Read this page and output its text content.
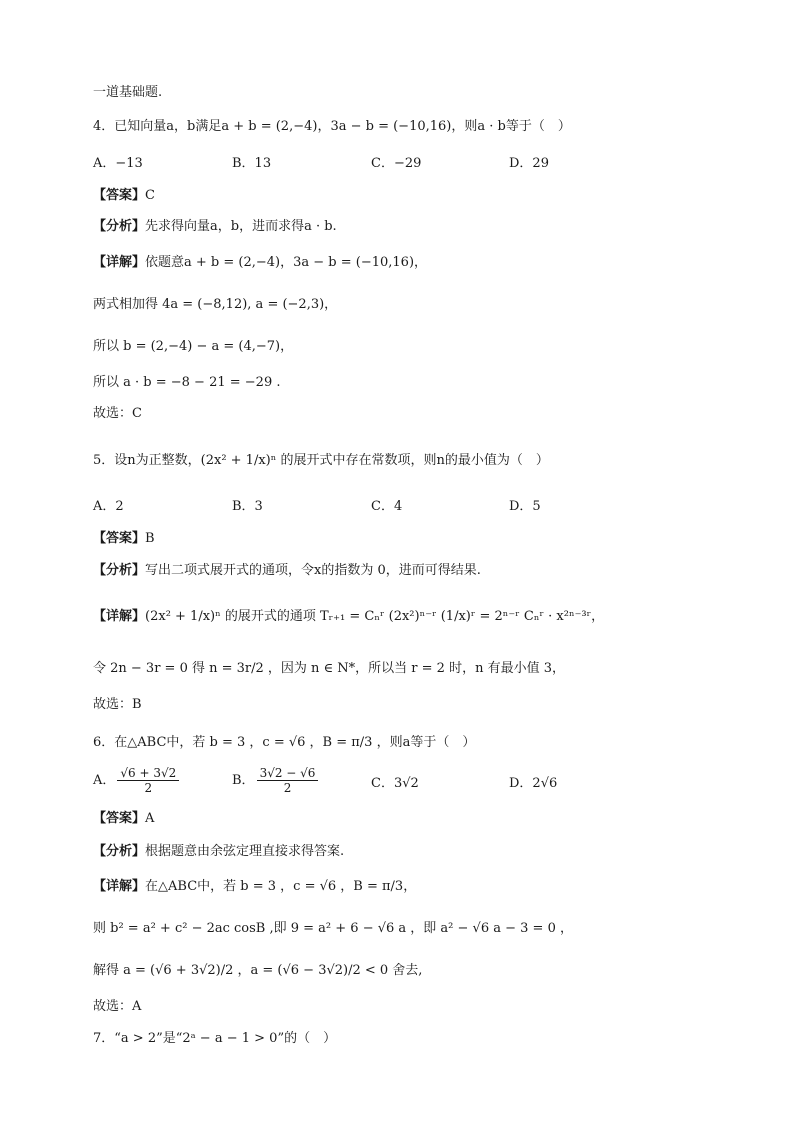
一道基础题.
4．已知向量a，b满足a + b = (2,−4)，3a − b = (−10,16)，则a · b等于（　）
A．−13	B．13	C．−29	D．29
【答案】C
【分析】先求得向量a，b，进而求得a · b.
【详解】依题意a + b = (2,−4)，3a − b = (−10,16)，
两式相加得 4a = (−8,12), a = (−2,3)，
所以 b = (2,−4) − a = (4,−7)，
所以 a · b = −8 − 21 = −29 .
故选：C
5．设n为正整数，(2x² + 1/x)ⁿ 的展开式中存在常数项，则n的最小值为（　）
A．2	B．3	C．4	D．5
【答案】B
【分析】写出二项式展开式的通项，令x的指数为 0，进而可得结果.
【详解】(2x² + 1/x)ⁿ 的展开式的通项 Tᵣ₊₁ = Cₙʳ (2x²)ⁿ⁻ʳ (1/x)ʳ = 2ⁿ⁻ʳ Cₙʳ · x²ⁿ⁻³ʳ，
令 2n − 3r = 0 得 n = 3r/2 ，因为 n ∈ N*，所以当 r = 2 时，n 有最小值 3，
故选：B
6．在△ABC中，若 b = 3 ，c = √6 ，B = π/3 ，则a等于（　）
A． $\frac{√6 + 3√2}{2}$	B． $\frac{3√2 - √6}{2}$	C．3√2	D．2√6
【答案】A
【分析】根据题意由余弦定理直接求得答案.
【详解】在△ABC中，若 b = 3 ，c = √6 ，B = π/3，
则 b² = a² + c² − 2ac cosB ,即 9 = a² + 6 − √6 a ，即 a² − √6 a − 3 = 0 ，
解得 a = (√6 + 3√2)/2 ，a = (√6 − 3√2)/2 < 0 舍去,
故选：A
7．“a > 2”是“2ᵃ − a − 1 > 0”的（　）
